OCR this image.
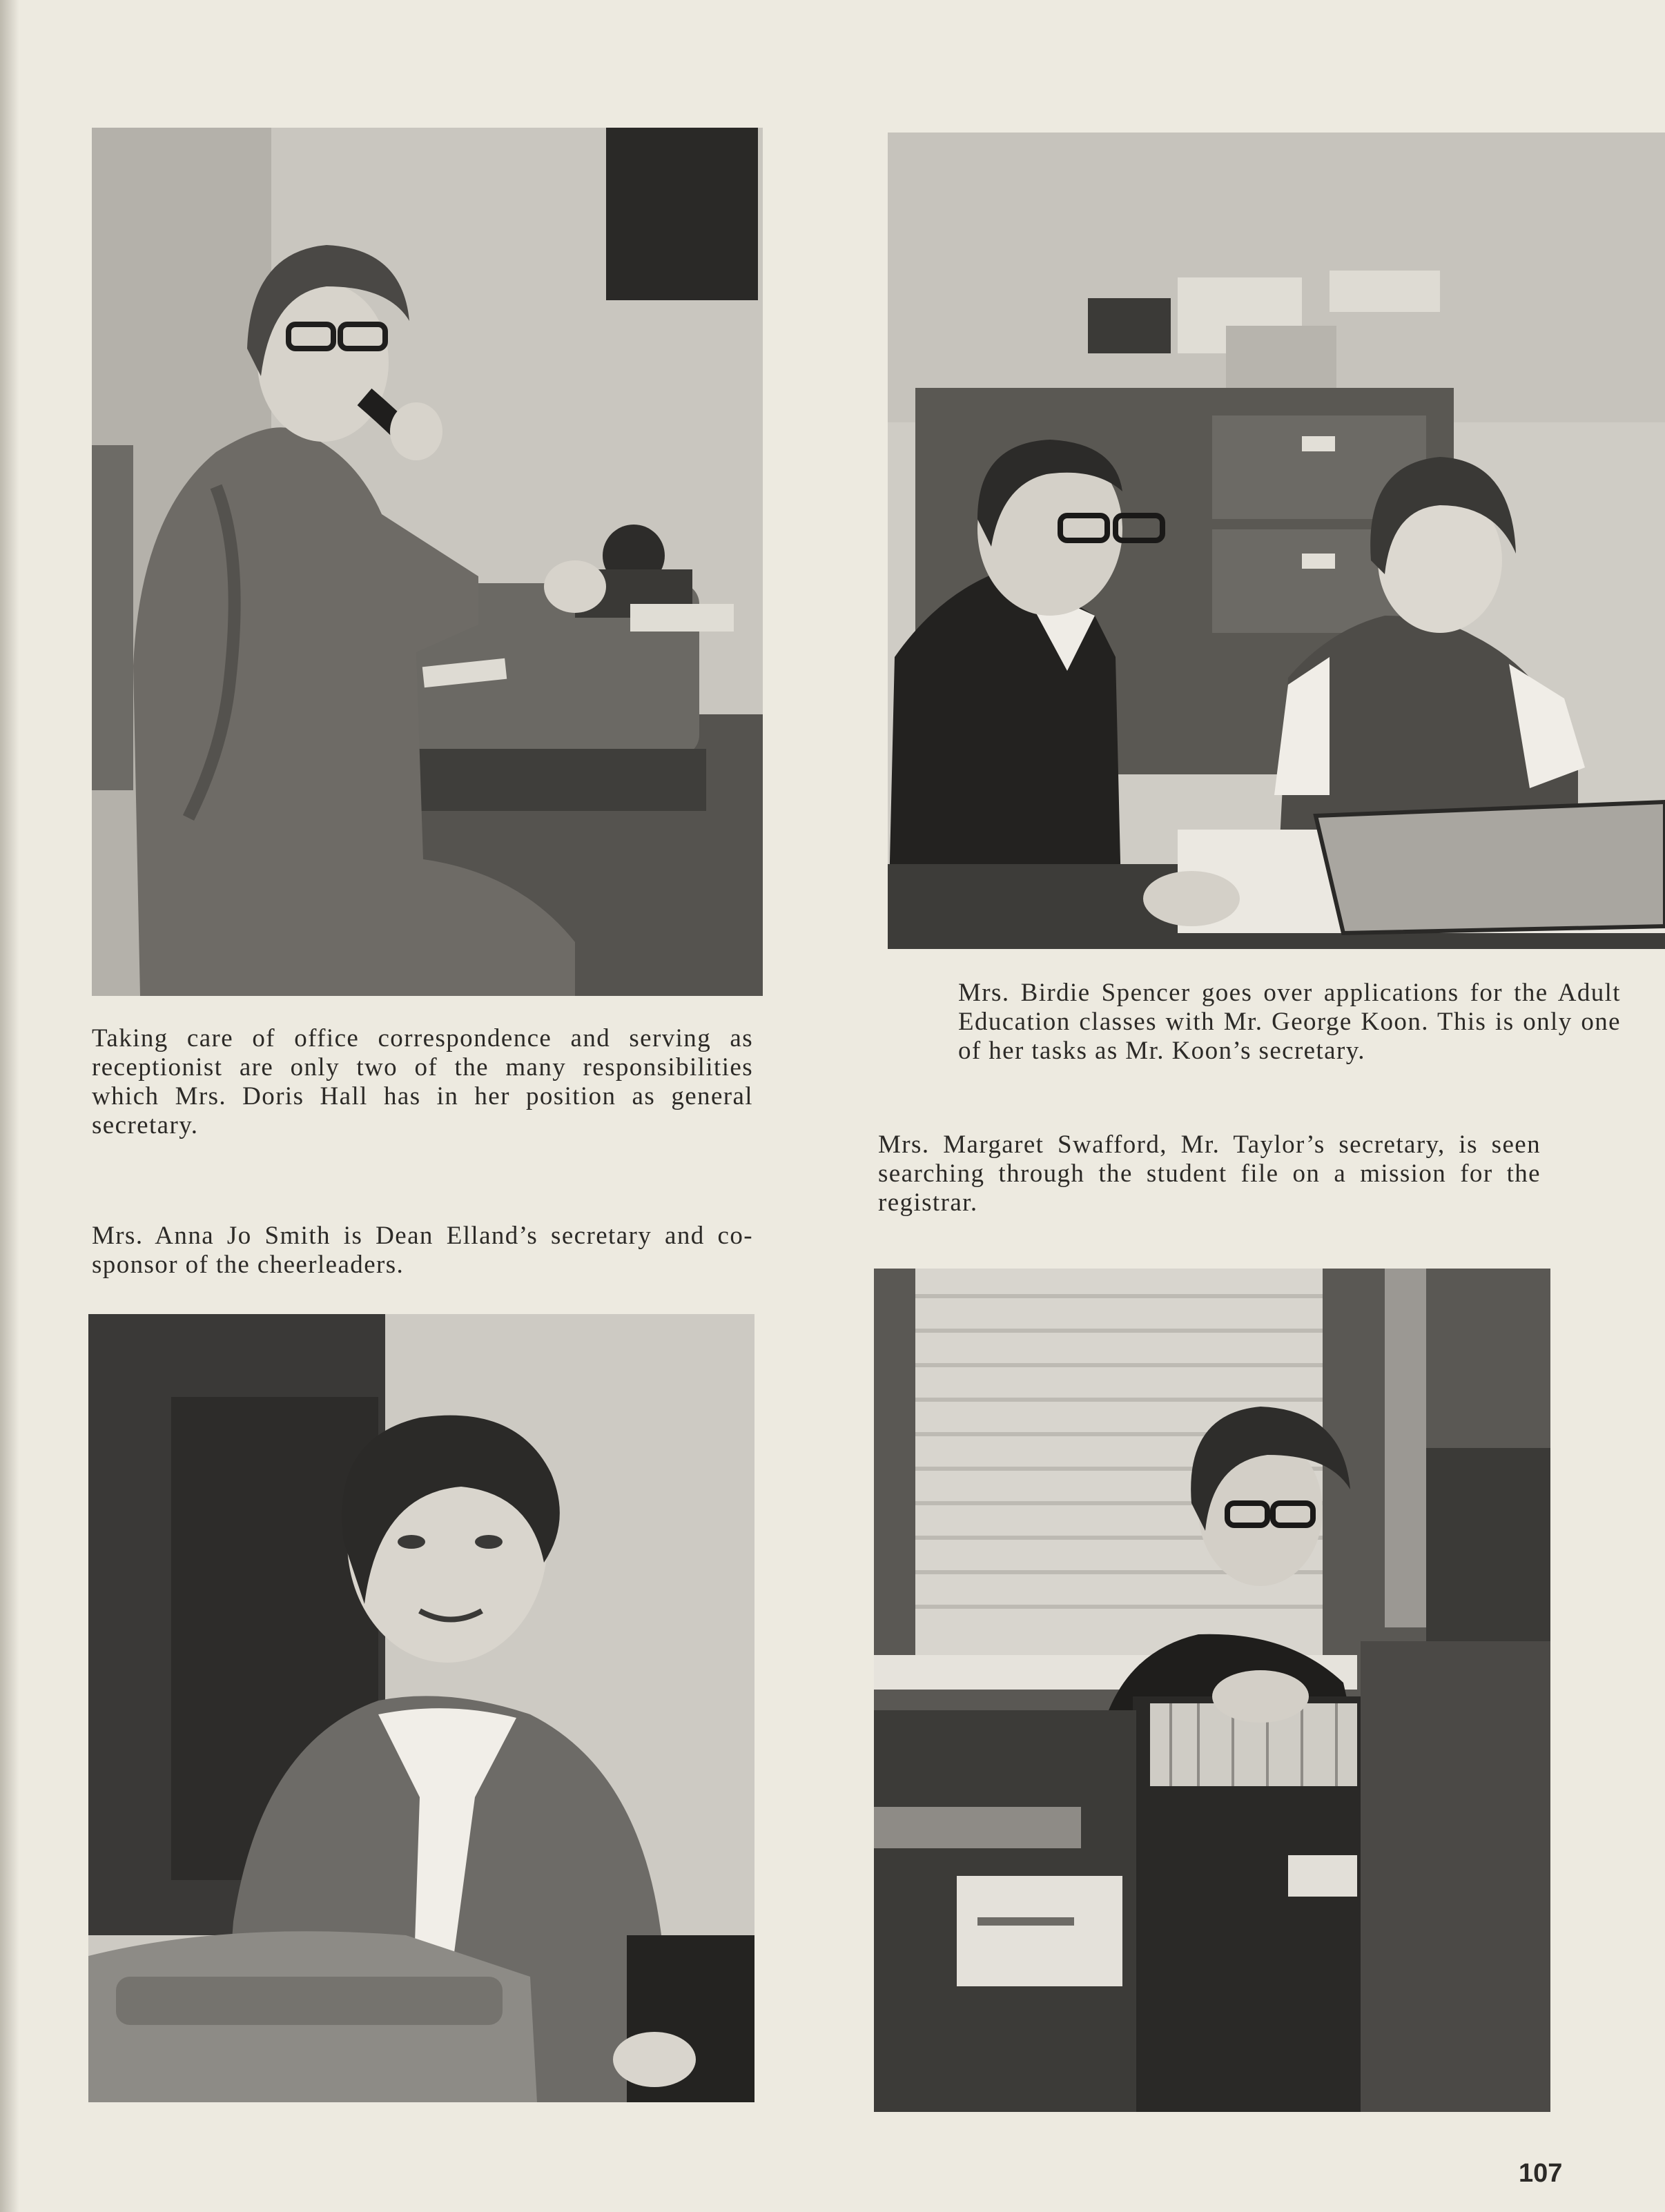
Taking care of office correspondence and serving as receptionist are only two of the many responsibilities which Mrs. Doris Hall has in her position as general secretary.

Mrs. Birdie Spencer goes over applications for the Adult Education classes with Mr. George Koon. This is only one of her tasks as Mr. Koon’s secretary.

Mrs. Margaret Swafford, Mr. Taylor’s secretary, is seen searching through the student file on a mission for the registrar.

Mrs. Anna Jo Smith is Dean Elland’s secretary and co-sponsor of the cheerleaders.

107
